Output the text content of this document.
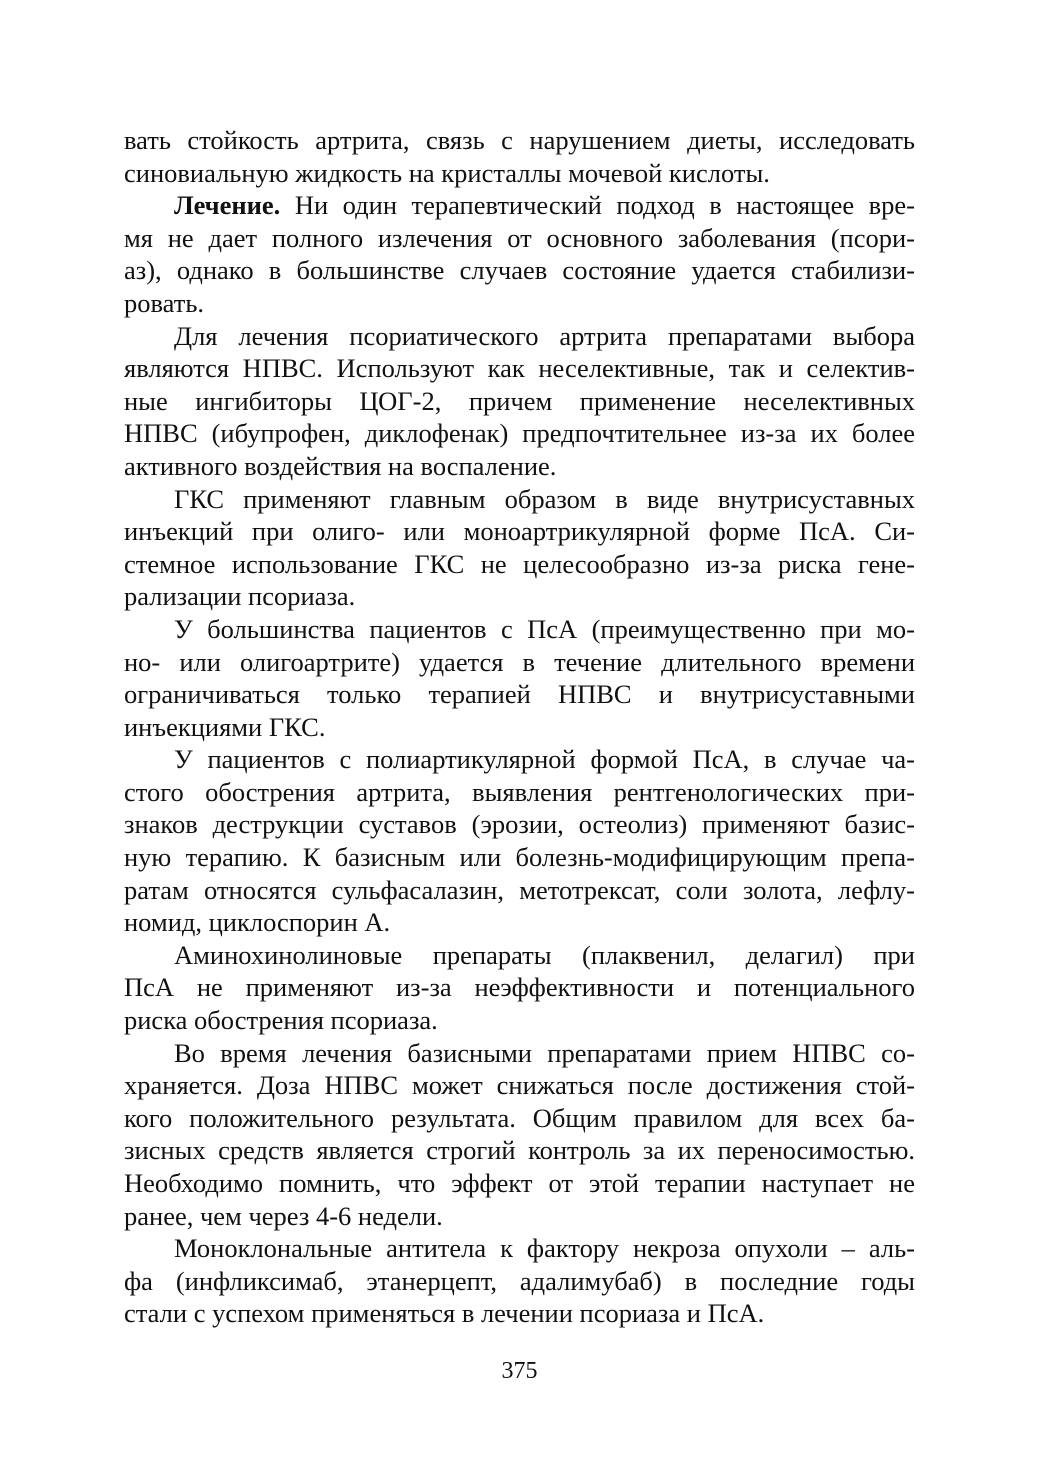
вать стойкость артрита, связь с нарушением диеты, исследовать
синовиальную жидкость на кристаллы мочевой кислоты.
Лечение. Ни один терапевтический подход в настоящее вре-
мя не дает полного излечения от основного заболевания (псори-
аз), однако в большинстве случаев состояние удается стабилизи-
ровать.
Для лечения псориатического артрита препаратами выбора
являются НПВС. Используют как неселективные, так и селектив-
ные ингибиторы ЦОГ-2, причем применение неселективных
НПВС (ибупрофен, диклофенак) предпочтительнее из-за их более
активного воздействия на воспаление.
ГКС применяют главным образом в виде внутрисуставных
инъекций при олиго- или моноартрикулярной форме ПсА. Си-
стемное использование ГКС не целесообразно из-за риска гене-
рализации псориаза.
У большинства пациентов с ПсА (преимущественно при мо-
но- или олигоартрите) удается в течение длительного времени
ограничиваться только терапией НПВС и внутрисуставными
инъекциями ГКС.
У пациентов с полиартикулярной формой ПсА, в случае ча-
стого обострения артрита, выявления рентгенологических при-
знаков деструкции суставов (эрозии, остеолиз) применяют базис-
ную терапию. К базисным или болезнь-модифицирующим препа-
ратам относятся сульфасалазин, метотрексат, соли золота, лефлу-
номид, циклоспорин А.
Аминохинолиновые препараты (плаквенил, делагил) при
ПсА не применяют из-за неэффективности и потенциального
риска обострения псориаза.
Во время лечения базисными препаратами прием НПВС со-
храняется. Доза НПВС может снижаться после достижения стой-
кого положительного результата. Общим правилом для всех ба-
зисных средств является строгий контроль за их переносимостью.
Необходимо помнить, что эффект от этой терапии наступает не
ранее, чем через 4-6 недели.
Моноклональные антитела к фактору некроза опухоли – аль-
фа (инфликсимаб, этанерцепт, адалимубаб) в последние годы
стали с успехом применяться в лечении псориаза и ПсА.
375
